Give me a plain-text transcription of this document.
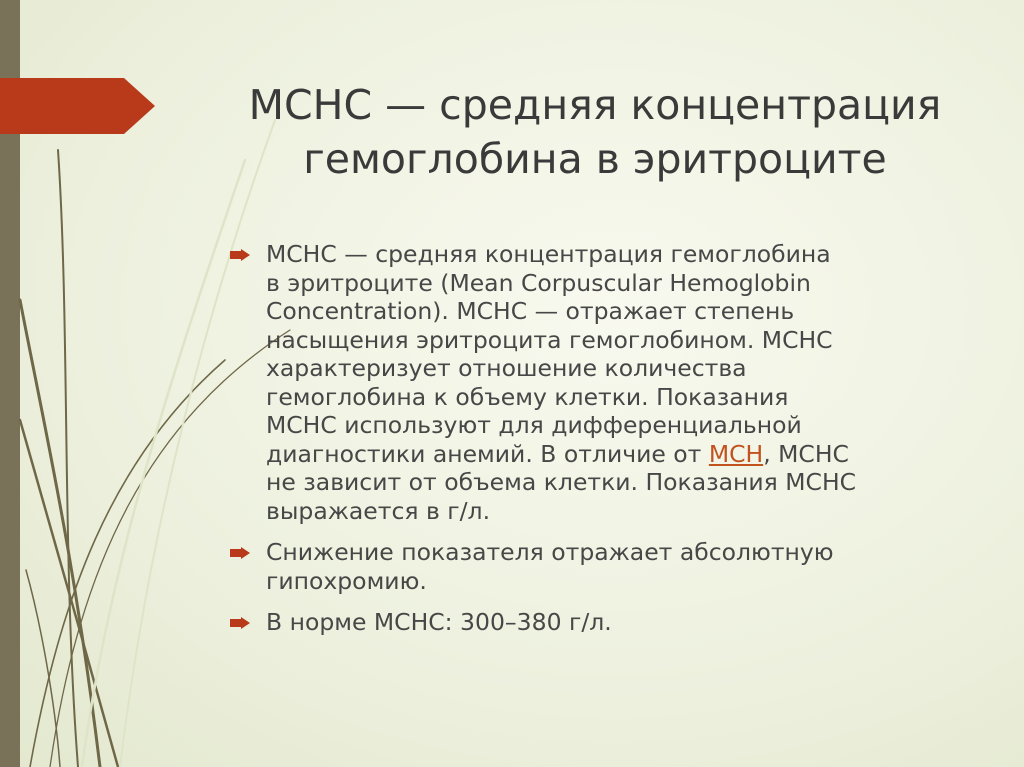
МСНС — средняя концентрация
гемоглобина в эритроците
МСНС — средняя концентрация гемоглобина
в эритроците (Mean Corpuscular Hemoglobin
Concentration). МСНС — отражает степень
насыщения эритроцита гемоглобином. МСНС
характеризует отношение количества
гемоглобина к объему клетки. Показания
МСНС используют для дифференциальной
диагностики анемий. В отличие от МСН, МСНС
не зависит от объема клетки. Показания МСНС
выражается в г/л.
Снижение показателя отражает абсолютную
гипохромию.
В норме МСНС: 300–380 г/л.
